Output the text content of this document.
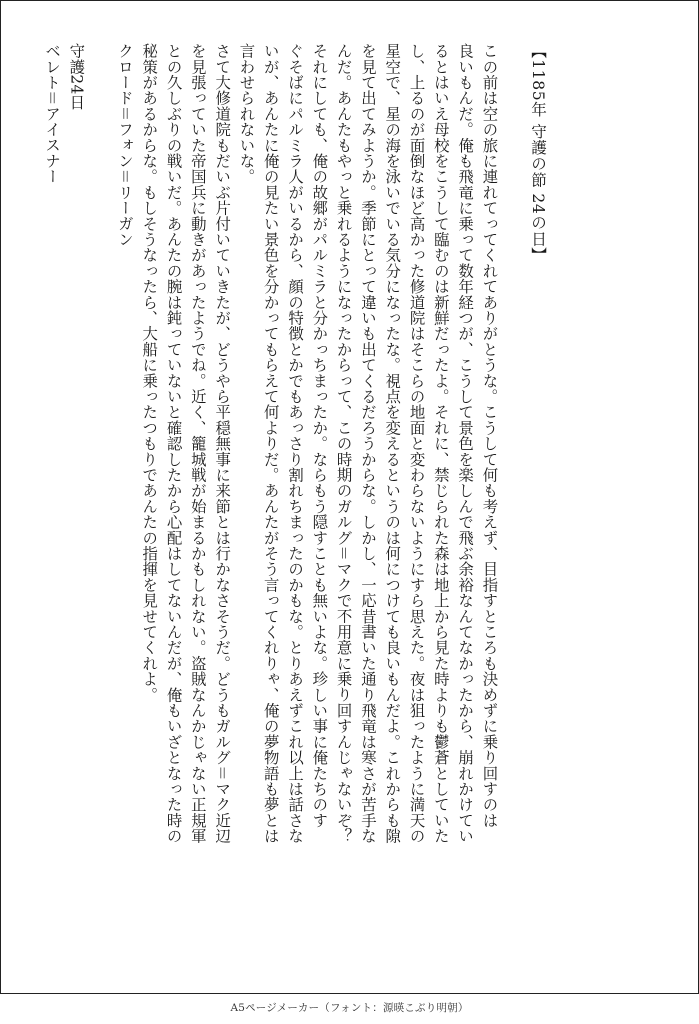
【1185年 守護の節 24の日】

この前は空の旅に連れてってくれてありがとうな。こうして何も考えず、目指すところも決めずに乗り回すのは

良いもんだ。俺も飛竜に乗って数年経つが、こうして景色を楽しんで飛ぶ余裕なんてなかったから、崩れかけてい

るとはいえ母校をこうして臨むのは新鮮だったよ。それに、禁じられた森は地上から見た時よりも鬱蒼としていた

し、上るのが面倒なほど高かった修道院はそこらの地面と変わらないようにすら思えた。夜は狙ったように満天の

星空で、星の海を泳いでいる気分になったな。視点を変えるというのは何につけても良いもんだよ。これからも隙

を見て出てみようか。季節にとって違いも出てくるだろうからな。しかし、一応昔書いた通り飛竜は寒さが苦手な

んだ。あんたもやっと乗れるようになったからって、この時期のガルグ＝マクで不用意に乗り回すんじゃないぞ？

それにしても、俺の故郷がパルミラと分かっちまったか。ならもう隠すことも無いよな。珍しい事に俺たちのす

ぐそばにパルミラ人がいるから、顔の特徴とかでもあっさり割れちまったのかもな。とりあえずこれ以上は話さな

いが、あんたに俺の見たい景色を分かってもらえて何よりだ。あんたがそう言ってくれりゃ、俺の夢物語も夢とは

言わせられないな。

さて大修道院もだいぶ片付いていきたが、どうやら平穏無事に来節とは行かなさそうだ。どうもガルグ＝マク近辺

を見張っていた帝国兵に動きがあったようでね。近く、籠城戦が始まるかもしれない。盗賊なんかじゃない正規軍

との久しぶりの戦いだ。あんたの腕は鈍っていないと確認したから心配はしてないんだが、俺もいざとなった時の

秘策があるからな。もしそうなったら、大船に乗ったつもりであんたの指揮を見せてくれよ。

クロード＝フォン＝リーガン

守護24日

ベレト＝アイスナー

A5ページメーカー（フォント：源暎こぶり明朝）
